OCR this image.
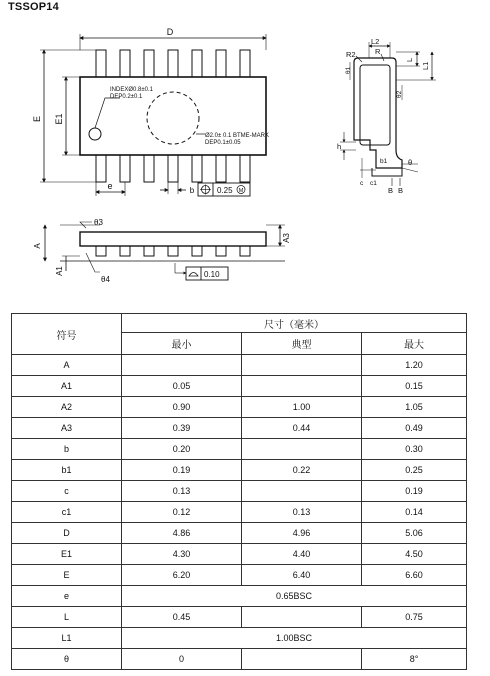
TSSOP14
D
E E1
e	b
INDEXØ0.8±0.1
DEP0.2±0.1
Ø2.0± 0.1 BTME-MARK
DEP0.1±0.05
0.25 M
A
A1
A3
θ3
θ4
0.10
L2
R2	R
L
L1
θ1
θ2
h
c c1
θ
B B
b1
符号	尺寸（毫米）		
	最小	典型	最大
A			1.20
A1	0.05		0.15
A2	0.90	1.00	1.05
A3	0.39	0.44	0.49
b	0.20		0.30
b1	0.19	0.22	0.25
c	0.13		0.19
c1	0.12	0.13	0.14
D	4.86	4.96	5.06
E1	4.30	4.40	4.50
E	6.20	6.40	6.60
e	0.65BSC		
L	0.45		0.75
L1	1.00BSC		
θ	0		8°
